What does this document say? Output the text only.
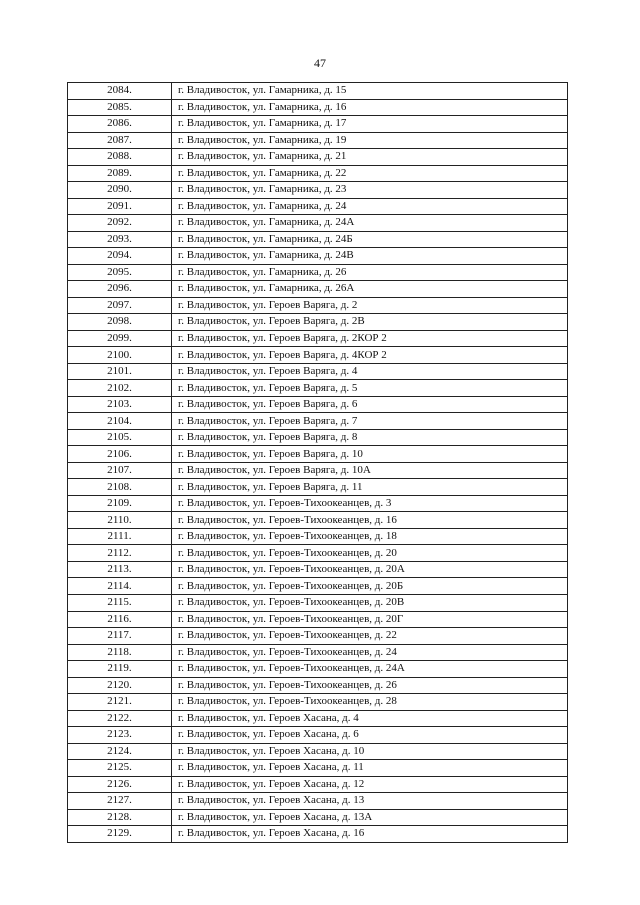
47
2084.	г. Владивосток, ул. Гамарника, д. 15
2085.	г. Владивосток, ул. Гамарника, д. 16
2086.	г. Владивосток, ул. Гамарника, д. 17
2087.	г. Владивосток, ул. Гамарника, д. 19
2088.	г. Владивосток, ул. Гамарника, д. 21
2089.	г. Владивосток, ул. Гамарника, д. 22
2090.	г. Владивосток, ул. Гамарника, д. 23
2091.	г. Владивосток, ул. Гамарника, д. 24
2092.	г. Владивосток, ул. Гамарника, д. 24А
2093.	г. Владивосток, ул. Гамарника, д. 24Б
2094.	г. Владивосток, ул. Гамарника, д. 24В
2095.	г. Владивосток, ул. Гамарника, д. 26
2096.	г. Владивосток, ул. Гамарника, д. 26А
2097.	г. Владивосток, ул. Героев Варяга, д. 2
2098.	г. Владивосток, ул. Героев Варяга, д. 2В
2099.	г. Владивосток, ул. Героев Варяга, д. 2КОР 2
2100.	г. Владивосток, ул. Героев Варяга, д. 4КОР 2
2101.	г. Владивосток, ул. Героев Варяга, д. 4
2102.	г. Владивосток, ул. Героев Варяга, д. 5
2103.	г. Владивосток, ул. Героев Варяга, д. 6
2104.	г. Владивосток, ул. Героев Варяга, д. 7
2105.	г. Владивосток, ул. Героев Варяга, д. 8
2106.	г. Владивосток, ул. Героев Варяга, д. 10
2107.	г. Владивосток, ул. Героев Варяга, д. 10А
2108.	г. Владивосток, ул. Героев Варяга, д. 11
2109.	г. Владивосток, ул. Героев-Тихоокеанцев, д. 3
2110.	г. Владивосток, ул. Героев-Тихоокеанцев, д. 16
2111.	г. Владивосток, ул. Героев-Тихоокеанцев, д. 18
2112.	г. Владивосток, ул. Героев-Тихоокеанцев, д. 20
2113.	г. Владивосток, ул. Героев-Тихоокеанцев, д. 20А
2114.	г. Владивосток, ул. Героев-Тихоокеанцев, д. 20Б
2115.	г. Владивосток, ул. Героев-Тихоокеанцев, д. 20В
2116.	г. Владивосток, ул. Героев-Тихоокеанцев, д. 20Г
2117.	г. Владивосток, ул. Героев-Тихоокеанцев, д. 22
2118.	г. Владивосток, ул. Героев-Тихоокеанцев, д. 24
2119.	г. Владивосток, ул. Героев-Тихоокеанцев, д. 24А
2120.	г. Владивосток, ул. Героев-Тихоокеанцев, д. 26
2121.	г. Владивосток, ул. Героев-Тихоокеанцев, д. 28
2122.	г. Владивосток, ул. Героев Хасана, д. 4
2123.	г. Владивосток, ул. Героев Хасана, д. 6
2124.	г. Владивосток, ул. Героев Хасана, д. 10
2125.	г. Владивосток, ул. Героев Хасана, д. 11
2126.	г. Владивосток, ул. Героев Хасана, д. 12
2127.	г. Владивосток, ул. Героев Хасана, д. 13
2128.	г. Владивосток, ул. Героев Хасана, д. 13А
2129.	г. Владивосток, ул. Героев Хасана, д. 16
